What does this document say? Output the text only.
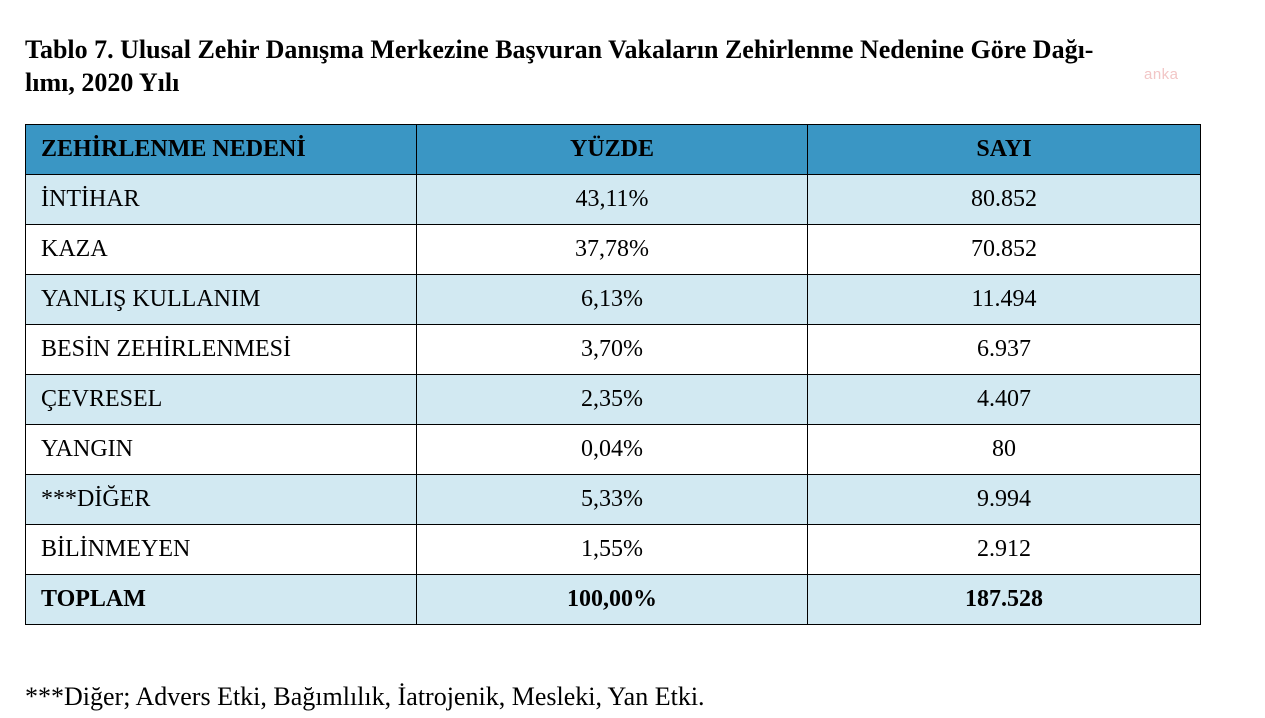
Tablo 7. Ulusal Zehir Danışma Merkezine Başvuran Vakaların Zehirlenme Nedenine Göre Dağı-
lımı, 2020 Yılı	anka
ZEHİRLENME NEDENİ	YÜZDE	SAYI
İNTİHAR	43,11%	80.852
KAZA	37,78%	70.852
YANLIŞ KULLANIM	6,13%	11.494
BESİN ZEHİRLENMESİ	3,70%	6.937
ÇEVRESEL	2,35%	4.407
YANGIN	0,04%	80
***DİĞER	5,33%	9.994
BİLİNMEYEN	1,55%	2.912
TOPLAM	100,00%	187.528
***Diğer; Advers Etki, Bağımlılık, İatrojenik, Mesleki, Yan Etki.
